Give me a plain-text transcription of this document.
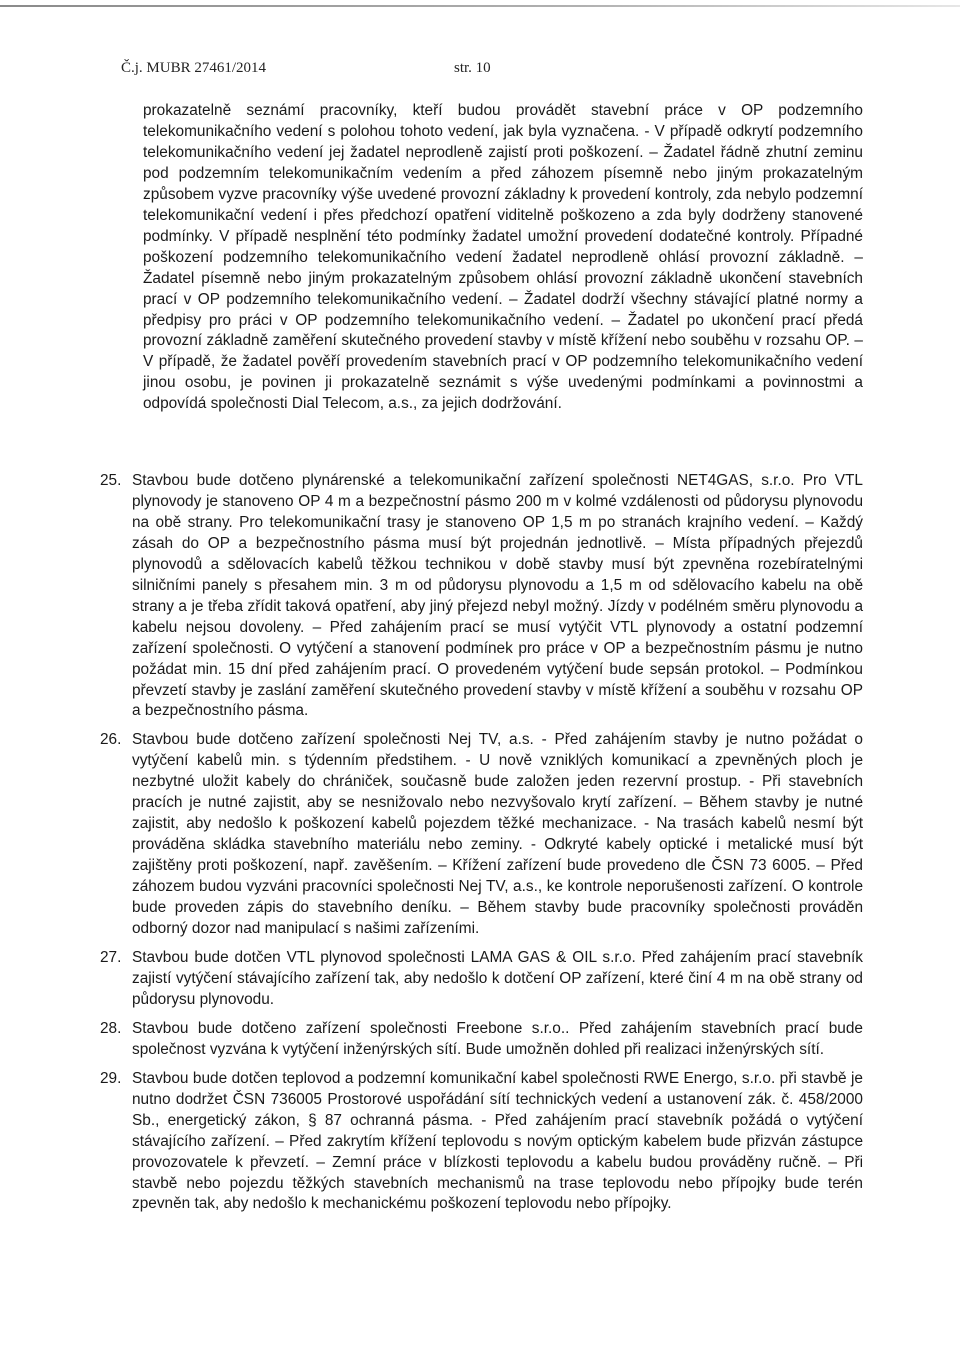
Č.j. MUBR 27461/2014	str. 10
prokazatelně seznámí pracovníky, kteří budou provádět stavební práce v OP podzemního telekomunikačního vedení s polohou tohoto vedení, jak byla vyznačena. - V případě odkrytí podzemního telekomunikačního vedení jej žadatel neprodleně zajistí proti poškození. – Žadatel řádně zhutní zeminu pod podzemním telekomunikačním vedením a před záhozem písemně nebo jiným prokazatelným způsobem vyzve pracovníky výše uvedené provozní základny k provedení kontroly, zda nebylo podzemní telekomunikační vedení i přes předchozí opatření viditelně poškozeno a zda byly dodrženy stanovené podmínky. V případě nesplnění této podmínky žadatel umožní provedení dodatečné kontroly. Případné poškození podzemního telekomunikačního vedení žadatel neprodleně ohlásí provozní základně. – Žadatel písemně nebo jiným prokazatelným způsobem ohlásí provozní základně ukončení stavebních prací v OP podzemního telekomunikačního vedení. – Žadatel dodrží všechny stávající platné normy a předpisy pro práci v OP podzemního telekomunikačního vedení. – Žadatel po ukončení prací předá provozní základně zaměření skutečného provedení stavby v místě křížení nebo souběhu v rozsahu OP. – V případě, že žadatel pověří provedením stavebních prací v OP podzemního telekomunikačního vedení jinou osobu, je povinen ji prokazatelně seznámit s výše uvedenými podmínkami a povinnostmi a odpovídá společnosti Dial Telecom, a.s., za jejich dodržování.
25. Stavbou bude dotčeno plynárenské a telekomunikační zařízení společnosti NET4GAS, s.r.o. Pro VTL plynovody je stanoveno OP 4 m a bezpečnostní pásmo 200 m v kolmé vzdálenosti od půdorysu plynovodu na obě strany. Pro telekomunikační trasy je stanoveno OP 1,5 m po stranách krajního vedení. – Každý zásah do OP a bezpečnostního pásma musí být projednán jednotlivě. – Místa případných přejezdů plynovodů a sdělovacích kabelů těžkou technikou v době stavby musí být zpevněna rozebíratelnými silničními panely s přesahem min. 3 m od půdorysu plynovodu a 1,5 m od sdělovacího kabelu na obě strany a je třeba zřídit taková opatření, aby jiný přejezd nebyl možný. Jízdy v podélném směru plynovodu a kabelu nejsou dovoleny. – Před zahájením prací se musí vytýčit VTL plynovody a ostatní podzemní zařízení společnosti. O vytýčení a stanovení podmínek pro práce v OP a bezpečnostním pásmu je nutno požádat min. 15 dní před zahájením prací. O provedeném vytýčení bude sepsán protokol. – Podmínkou převzetí stavby je zaslání zaměření skutečného provedení stavby v místě křížení a souběhu v rozsahu OP a bezpečnostního pásma.
26. Stavbou bude dotčeno zařízení společnosti Nej TV, a.s. - Před zahájením stavby je nutno požádat o vytýčení kabelů min. s týdenním předstihem. - U nově vzniklých komunikací a zpevněných ploch je nezbytné uložit kabely do chrániček, současně bude založen jeden rezervní prostup. - Při stavebních pracích je nutné zajistit, aby se nesnižovalo nebo nezvyšovalo krytí zařízení. – Během stavby je nutné zajistit, aby nedošlo k poškození kabelů pojezdem těžké mechanizace. - Na trasách kabelů nesmí být prováděna skládka stavebního materiálu nebo zeminy. - Odkryté kabely optické i metalické musí být zajištěny proti poškození, např. zavěšením. – Křížení zařízení bude provedeno dle ČSN 73 6005. – Před záhozem budou vyzváni pracovníci společnosti Nej TV, a.s., ke kontrole neporušenosti zařízení. O kontrole bude proveden zápis do stavebního deníku. – Během stavby bude pracovníky společnosti prováděn odborný dozor nad manipulací s našimi zařízeními.
27. Stavbou bude dotčen VTL plynovod společnosti LAMA GAS & OIL s.r.o. Před zahájením prací stavebník zajistí vytýčení stávajícího zařízení tak, aby nedošlo k dotčení OP zařízení, které činí 4 m na obě strany od půdorysu plynovodu.
28. Stavbou bude dotčeno zařízení společnosti Freebone s.r.o.. Před zahájením stavebních prací bude společnost vyzvána k vytýčení inženýrských sítí. Bude umožněn dohled při realizaci inženýrských sítí.
29. Stavbou bude dotčen teplovod a podzemní komunikační kabel společnosti RWE Energo, s.r.o. při stavbě je nutno dodržet ČSN 736005 Prostorové uspořádání sítí technických vedení a ustanovení zák. č. 458/2000 Sb., energetický zákon, § 87 ochranná pásma. - Před zahájením prací stavebník požádá o vytýčení stávajícího zařízení. – Před zakrytím křížení teplovodu s novým optickým kabelem bude přizván zástupce provozovatele k převzetí. – Zemní práce v blízkosti teplovodu a kabelu budou prováděny ručně. – Při stavbě nebo pojezdu těžkých stavebních mechanismů na trase teplovodu nebo přípojky bude terén zpevněn tak, aby nedošlo k mechanickému poškození teplovodu nebo přípojky.
